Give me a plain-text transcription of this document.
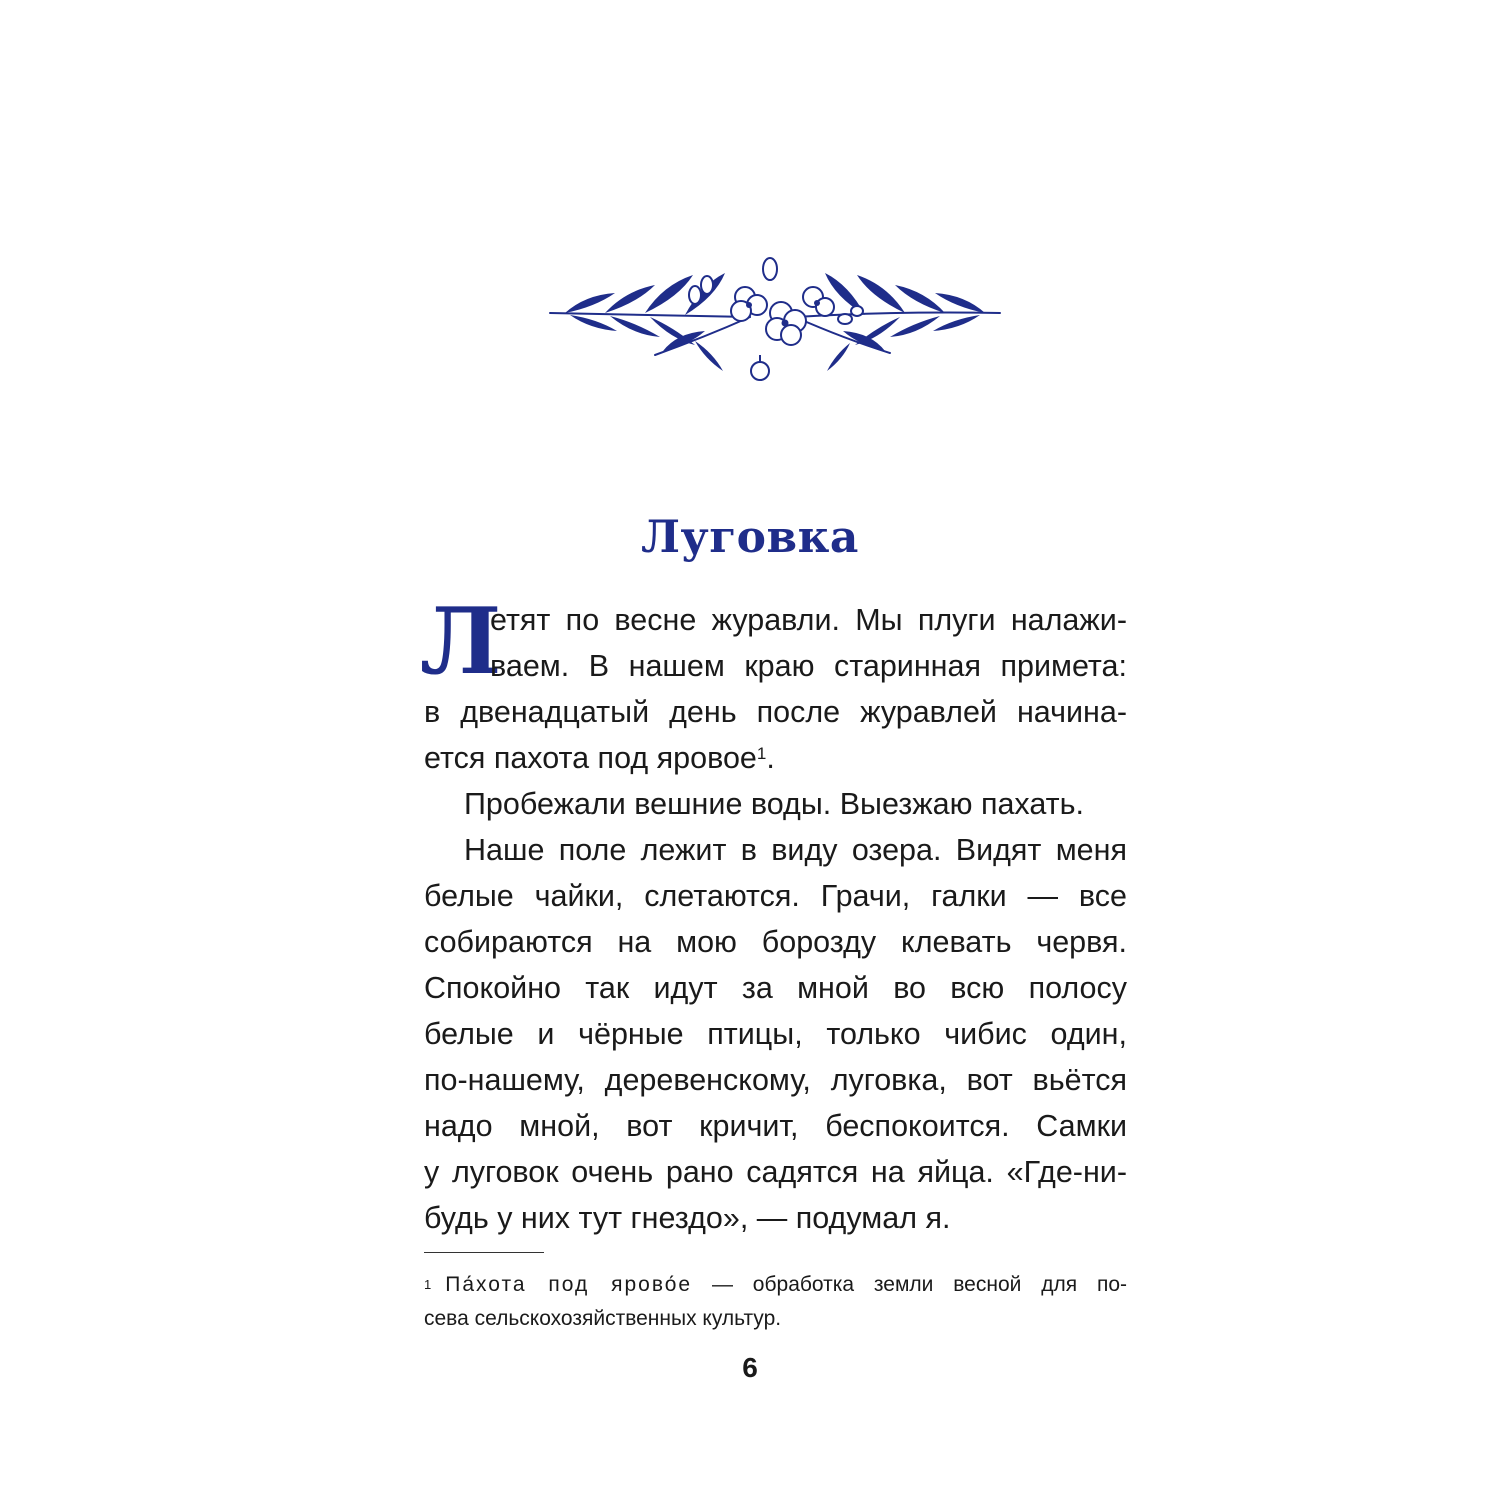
Луговка
Л
етят по весне журавли. Мы плуги налажи-
ваем. В нашем краю старинная примета:
в двенадцатый день после журавлей начина-
ется пахота под яровое$^1$.
Пробежали вешние воды. Выезжаю пахать.
Наше поле лежит в виду озера. Видят меня
белые чайки, слетаются. Грачи, галки — все
собираются на мою борозду клевать червя.
Спокойно так идут за мной во всю полосу
белые и чёрные птицы, только чибис один,
по-нашему, деревенскому, луговка, вот вьётся
надо мной, вот кричит, беспокоится. Самки
у луговок очень рано садятся на яйца. «Где-ни-
будь у них тут гнездо», — подумал я.
$^1$ Па́хота под ярово́е — обработка земли весной для по-
сева сельскохозяйственных культур.
6
